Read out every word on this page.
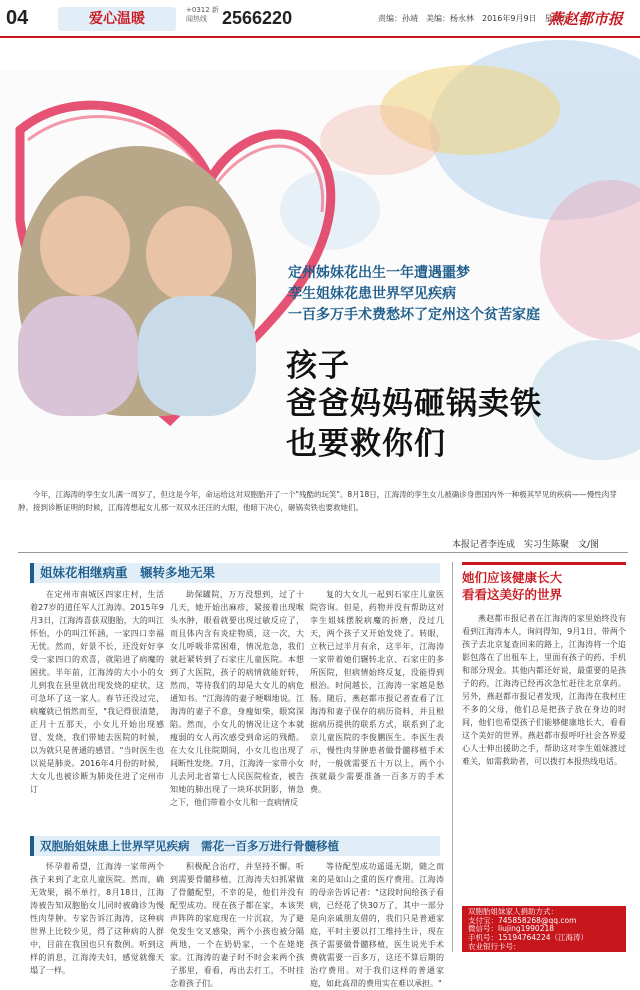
04	爱心温暖
+0312 新闻热线 2566220	责编：孙靖　美编：杨永林　2016年9月9日　星期五
燕赵都市报
定州姊妹花出生一年遭遇噩梦
孪生姐妹花患世界罕见疾病
一百多万手术费愁坏了定州这个贫苦家庭
孩子
爸爸妈妈砸锅卖铁
也要救你们
今年，江海涛的孪生女儿满一周岁了，但这是今年，命运给这对双胞胎开了一个"残酷的玩笑"。8月18日，江海涛的孪生女儿被确诊身患国内外一种极其罕见的疾病——慢性肉芽肿。接到诊断证明的时候，江海涛想起女儿那一双双水汪汪的大眼，他暗下决心，砸锅卖铁也要救她们。
本报记者李连成　实习生陈聚　文/图
姐妹花相继病重　辗转多地无果
在定州市南城区四家庄村，生活着27岁的道任军人江海涛。2015年9月3日，江海涛喜获双胞胎，大的叫江怀怡，小的叫江怀涵，一家四口幸福无忧。然而，好景不长，还没好好享受一家四口的欢喜，就陷进了病魔的困扰。半年前，江海涛的大小小的女儿到我在县里就出现发烧的症状，这可急坏了这一家人。春节还没过完，病魔就已悄然而至，"我记得很清楚，正月十五那天，小女儿开始出现感冒、发烧，我们带她去医院的时候，以为就只是普通的感冒。"当时医生也以说是肺炎。2016年4月份的时候，大女儿也被诊断为肺炎住进了定州市订
助保罐院，万万没想到，过了十几天，她开始出麻疹，紧接着出现喉头水肿，眼看就要出现过敏反应了，而且体内含有炎症物质，这一次，大女儿呼吸非常困难，情况危急，我们就赶紧转到了石家庄儿童医院。本想到了大医院，孩子的病情就能好转，然而，等待我们的却是大女儿的病危通知书。"江海涛的妻子哽咽地说。江海涛的妻子不意，身瘦如柴，眼窝深陷。然而，小女儿的情况让这个本就瘦弱的女人再次感受到命运的残酷。在大女儿住院期间，小女儿也出现了间断性发烧。7月，江海涛一家带小女儿去河北省第七人民医院检查，被告知她的肺出现了一块环状阴影，情急之下，他们带着小女儿和一直病情反
复的大女儿一起到石家庄儿童医院咨询。但是，药物并没有帮助这对孪生姐妹摆脱病魔的折磨，没过几天，两个孩子又开始发烧了。转眼，立秋已过半月有余，这半年，江海涛一家带着她们辗转北京、石家庄的多所医院，但病情始终反复，没能得到根治。时间越长，江海涛一家越是愁肠。随后，燕赵都市报记者查看了江海涛和妻子保存的病历资料，并且根据病历提供的联系方式，联系到了北京儿童医院的李俊鹏医生。李医生表示，慢性肉芽肿患者做骨髓移植手术时，一般就需要五十万以上，两个小孩就最少需要准备一百多万的手术费。
双胞胎姐妹患上世界罕见疾病　需花一百多万进行骨髓移植
怀孕着希望，江海涛一家带两个孩子来到了北京儿童医院。然而，确无效果，祸不单行，8月18日，江海涛被告知双胞胎女儿同时被确诊为慢性肉芽肿。专家告诉江海涛，这种病世界上比较少见，得了这种病的人群中，目前在我国也只有数例。听到这样的消息，江海涛夫妇，感觉就像天塌了一样。
积极配合治疗，并坚持不懈。听到需要骨髓移植，江海涛夫妇抓紧做了骨髓配型，不幸的是，他们并没有配型成功。现在孩子都在家，本该哭声阵阵的家庭现在一片沉寂，为了避免发生交叉感染，两个小孩也被分隔两地，一个在奶奶家，一个在姥姥家。江海涛的妻子时不时会来两个孩子那里，看看，再出去打工，不时挂念着孩子们。
等待配型成功遥遥无期，随之而来的是如山之重的医疗费用。江海涛的母亲告诉记者："这段时间给孩子看病，已经花了快30万了，其中一部分是向亲戚朋友借的，我们只是普通家庭，平时主要以打工维持生计，现在孩子需要做骨髓移植，医生说光手术费就需要一百多万，这还不算后期的治疗费用。对于我们这样的普通家庭，如此高昂的费用实在难以承担。"
她们应该健康长大
看看这美好的世界
燕赵都市报记者在江海涛的家里始终没有看到江海涛本人，询问得知，9月1日，带两个孩子去北京复查回来的路上，江海涛将一个追影包落在了出租车上，里面有孩子的药、手机和部分现金。其他内都还好说，最重要的是孩子的药，江海涛已经再次急忙赶往北京拿药。另外，燕赵都市报记者发现，江海涛在我村庄不多的父母，他们总是把孩子放在身边的时间，他们也希望孩子们能够健康地长大，看看这个美好的世界。燕赵都市报呼吁社会各界爱心人士伸出援助之手，帮助这对孪生姐妹渡过难关，如需救助者，可以拨打本报热线电话。
双胞胎姐妹家人捐助方式：
支付宝：745858268@qq.com
微信号：liujing1990218
手机号：15194764224（江海涛）
农业银行卡号：
6228481268396417570
